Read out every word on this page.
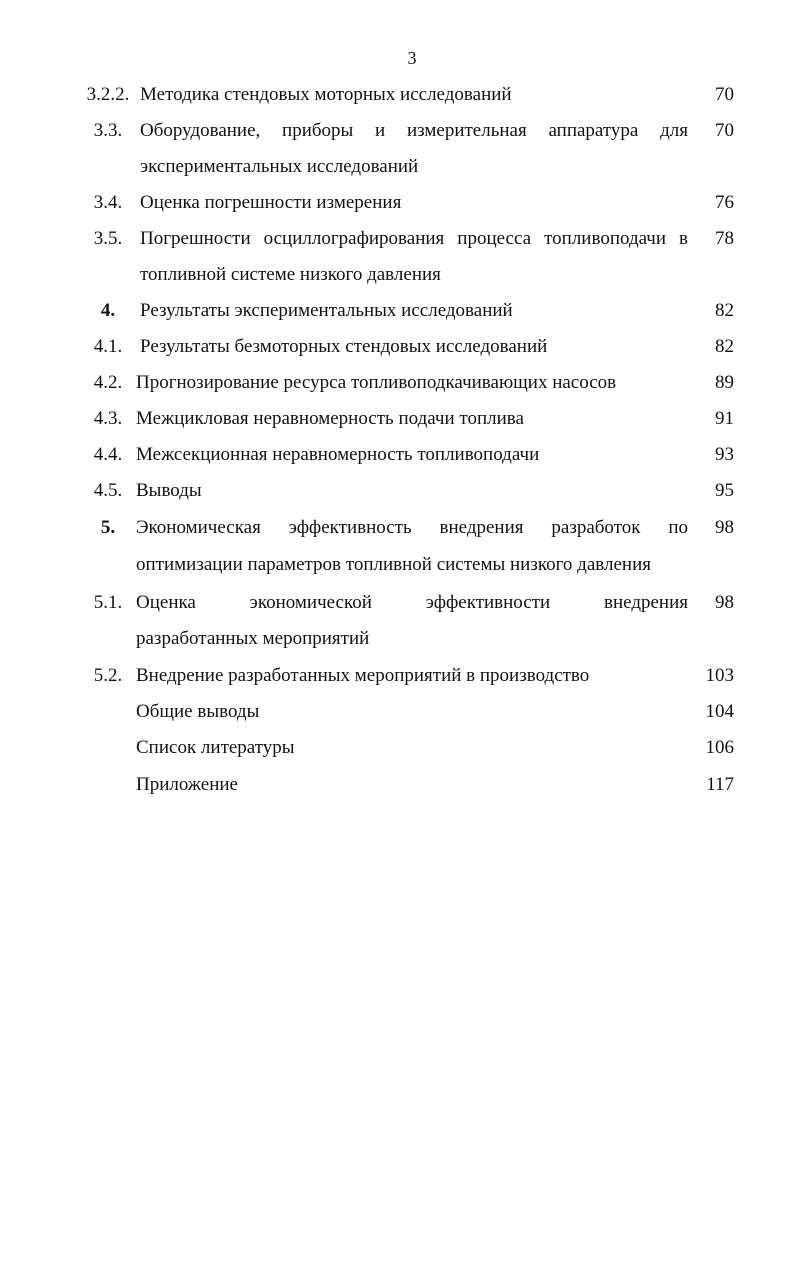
3
3.2.2. Методика стендовых моторных исследований	70
3.3. Оборудование, приборы и измерительная аппаратура для	70
экспериментальных исследований
3.4. Оценка погрешности измерения	76
3.5. Погрешности осциллографирования процесса топливоподачи в	78
топливной системе низкого давления
4.	Результаты экспериментальных исследований	82
4.1. Результаты безмоторных стендовых исследований	82
4.2. Прогнозирование ресурса топливоподкачивающих насосов	89
4.3. Межцикловая неравномерность подачи топлива	91
4.4. Межсекционная неравномерность топливоподачи	93
4.5. Выводы	95
5.	Экономическая эффективность внедрения разработок по	98
оптимизации параметров топливной системы низкого давления
5.1. Оценка экономической эффективности внедрения	98
разработанных мероприятий
5.2. Внедрение разработанных мероприятий в производство	103
Общие выводы	104
Список литературы	106
Приложение	117
